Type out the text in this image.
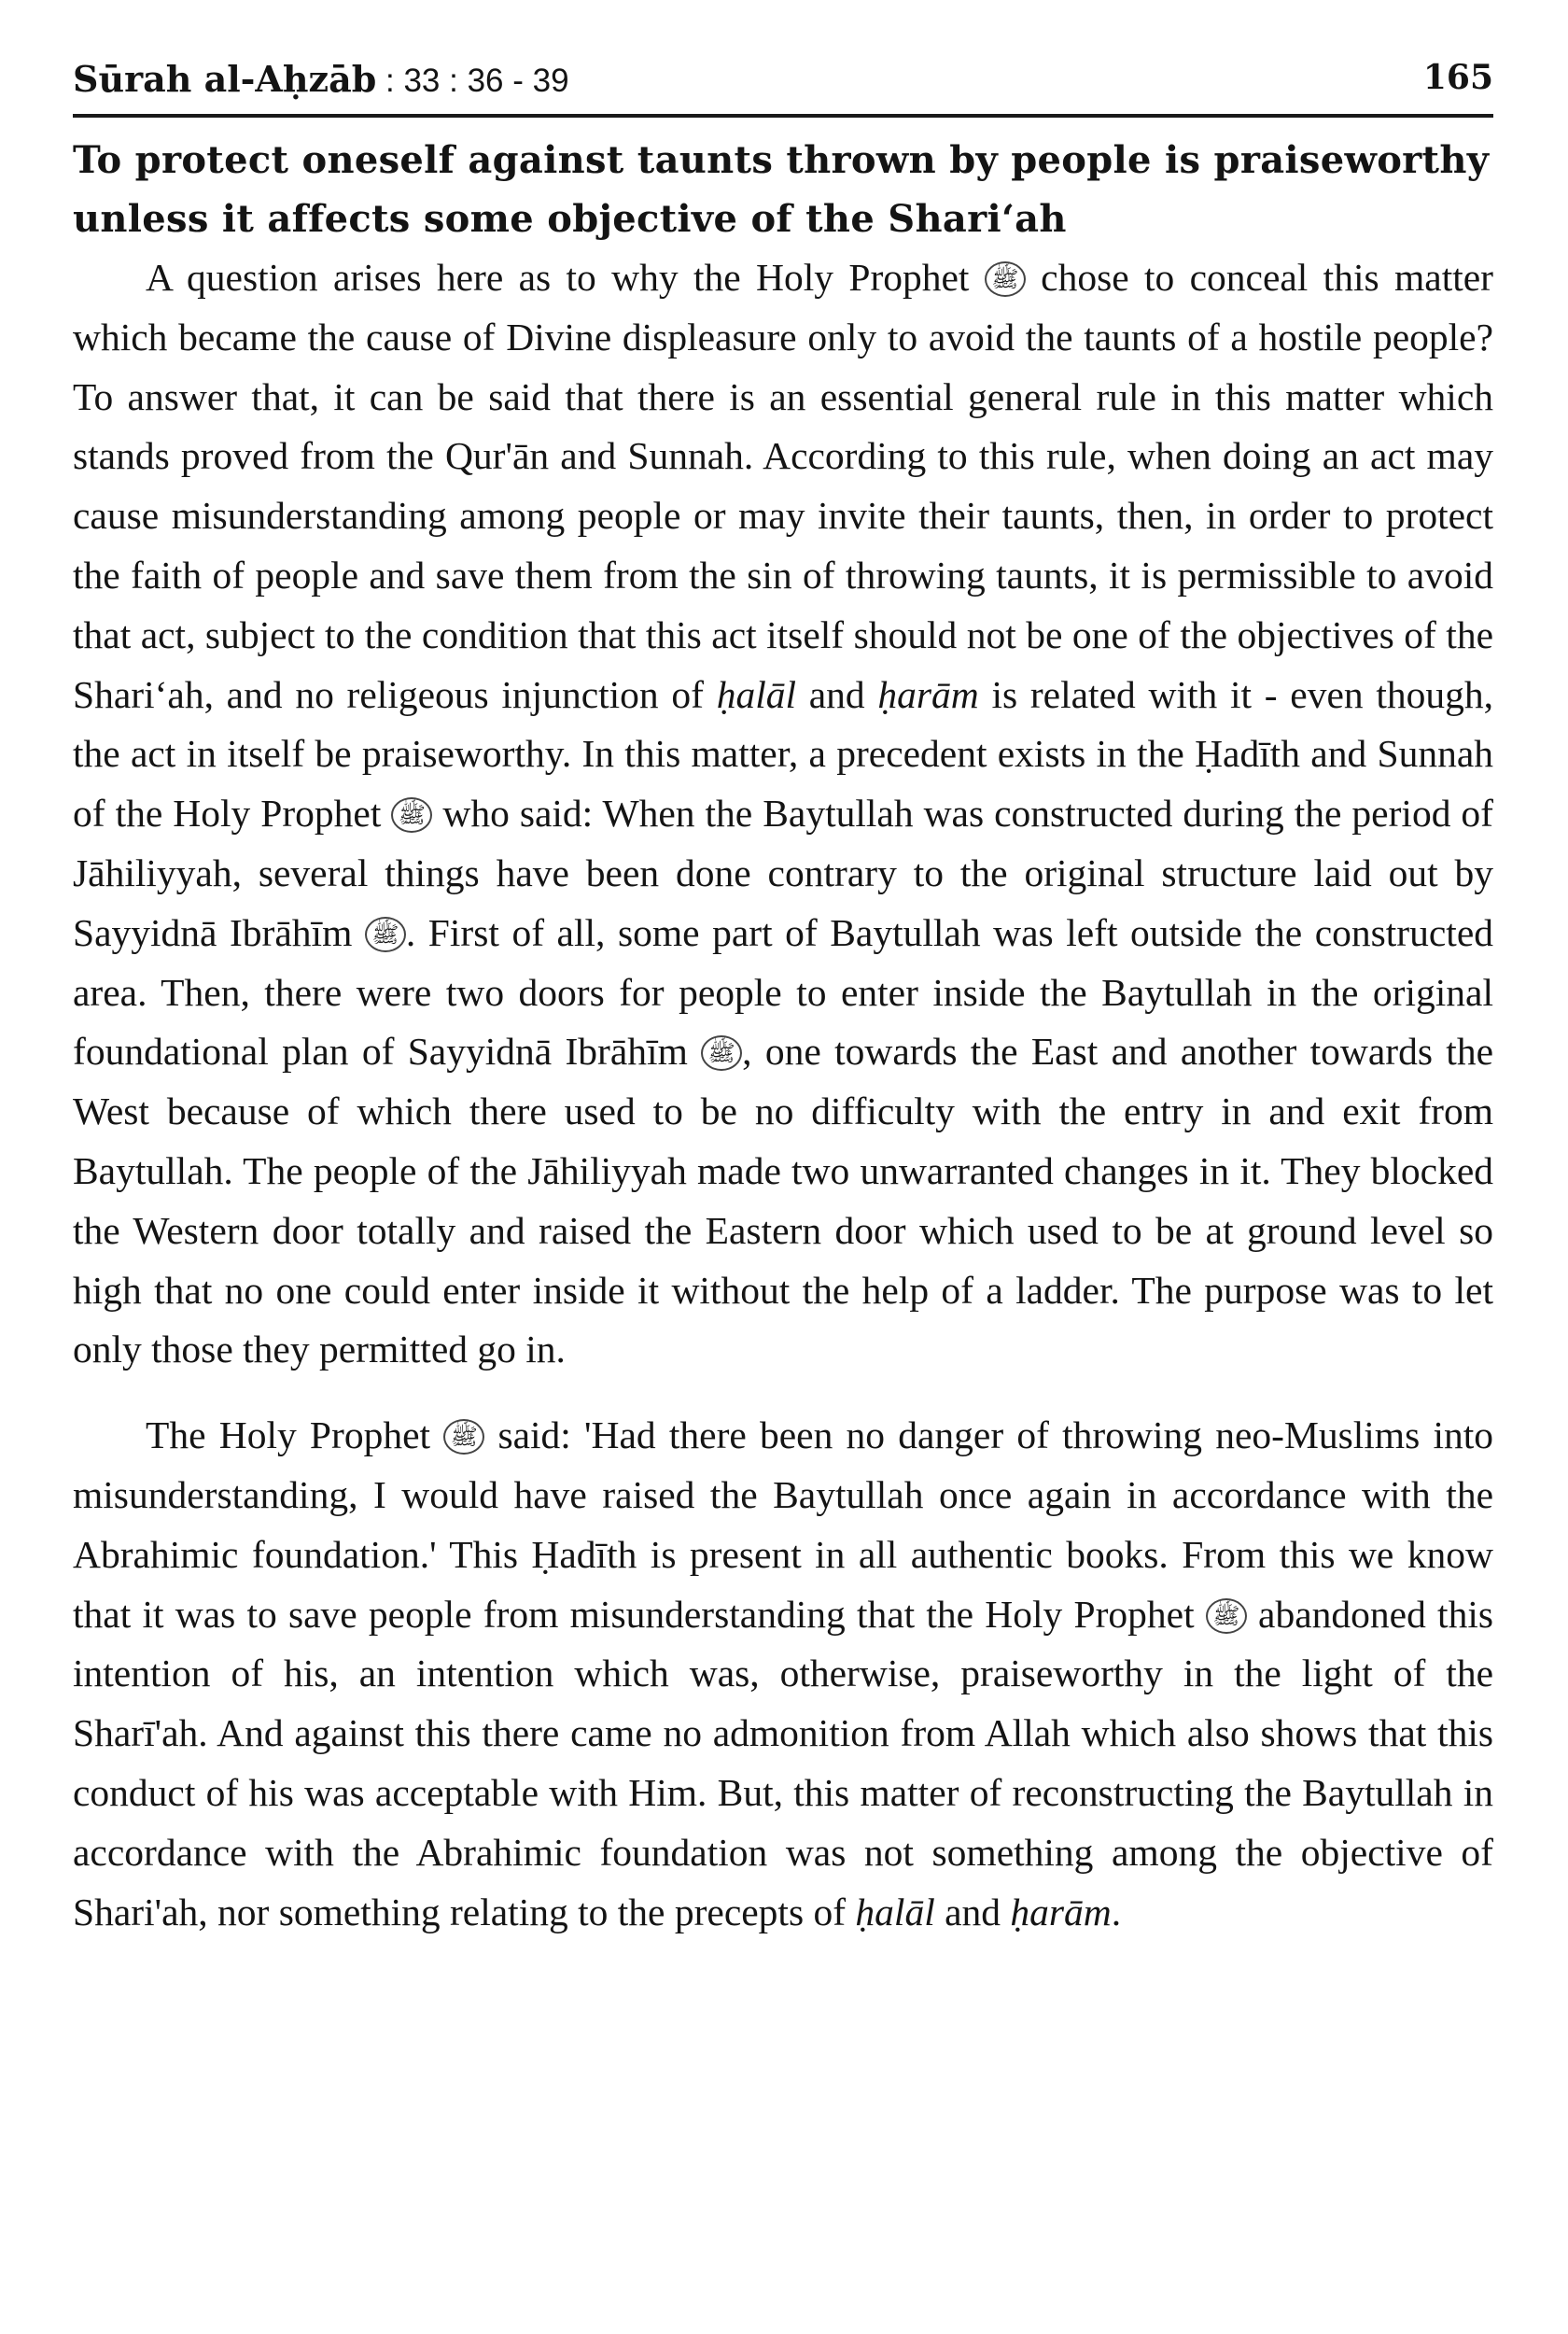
Sūrah al-Aḥzāb : 33 : 36 - 39	165
To protect oneself against taunts thrown by people is praiseworthy unless it affects some objective of the Shari‘ah

A question arises here as to why the Holy Prophet ﷺ chose to conceal this matter which became the cause of Divine displeasure only to avoid the taunts of a hostile people? To answer that, it can be said that there is an essential general rule in this matter which stands proved from the Qur'ān and Sunnah. According to this rule, when doing an act may cause misunderstanding among people or may invite their taunts, then, in order to protect the faith of people and save them from the sin of throwing taunts, it is permissible to avoid that act, subject to the condition that this act itself should not be one of the objectives of the Shari‘ah, and no religeous injunction of ḥalāl and ḥarām is related with it - even though, the act in itself be praiseworthy. In this matter, a precedent exists in the Ḥadīth and Sunnah of the Holy Prophet ﷺ who said: When the Baytullah was constructed during the period of Jāhiliyyah, several things have been done contrary to the original structure laid out by Sayyidnā Ibrāhīm ﷺ . First of all, some part of Baytullah was left outside the constructed area. Then, there were two doors for people to enter inside the Baytullah in the original foundational plan of Sayyidnā Ibrāhīm ﷺ , one towards the East and another towards the West because of which there used to be no difficulty with the entry in and exit from Baytullah. The people of the Jāhiliyyah made two unwarranted changes in it. They blocked the Western door totally and raised the Eastern door which used to be at ground level so high that no one could enter inside it without the help of a ladder. The purpose was to let only those they permitted go in.

The Holy Prophet ﷺ said: 'Had there been no danger of throwing neo-Muslims into misunderstanding, I would have raised the Baytullah once again in accordance with the Abrahimic foundation.' This Ḥadīth is present in all authentic books. From this we know that it was to save people from misunderstanding that the Holy Prophet ﷺ abandoned this intention of his, an intention which was, otherwise, praiseworthy in the light of the Sharī'ah. And against this there came no admonition from Allah which also shows that this conduct of his was acceptable with Him. But, this matter of reconstructing the Baytullah in accordance with the Abrahimic foundation was not something among the objective of Shari'ah, nor something relating to the precepts of ḥalāl and ḥarām.
